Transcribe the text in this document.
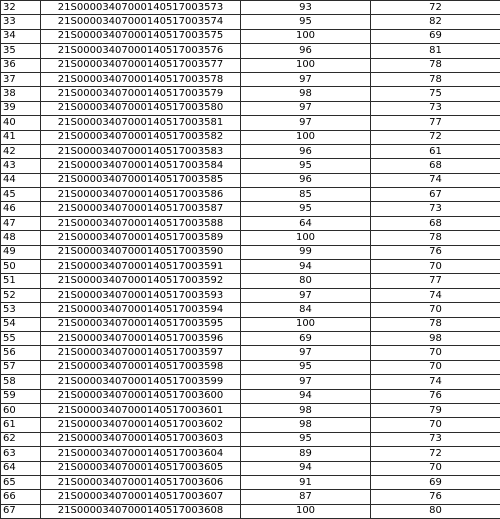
32	21S00003407000140517003573	93	72
33	21S00003407000140517003574	95	82
34	21S00003407000140517003575	100	69
35	21S00003407000140517003576	96	81
36	21S00003407000140517003577	100	78
37	21S00003407000140517003578	97	78
38	21S00003407000140517003579	98	75
39	21S00003407000140517003580	97	73
40	21S00003407000140517003581	97	77
41	21S00003407000140517003582	100	72
42	21S00003407000140517003583	96	61
43	21S00003407000140517003584	95	68
44	21S00003407000140517003585	96	74
45	21S00003407000140517003586	85	67
46	21S00003407000140517003587	95	73
47	21S00003407000140517003588	64	68
48	21S00003407000140517003589	100	78
49	21S00003407000140517003590	99	76
50	21S00003407000140517003591	94	70
51	21S00003407000140517003592	80	77
52	21S00003407000140517003593	97	74
53	21S00003407000140517003594	84	70
54	21S00003407000140517003595	100	78
55	21S00003407000140517003596	69	98
56	21S00003407000140517003597	97	70
57	21S00003407000140517003598	95	70
58	21S00003407000140517003599	97	74
59	21S00003407000140517003600	94	76
60	21S00003407000140517003601	98	79
61	21S00003407000140517003602	98	70
62	21S00003407000140517003603	95	73
63	21S00003407000140517003604	89	72
64	21S00003407000140517003605	94	70
65	21S00003407000140517003606	91	69
66	21S00003407000140517003607	87	76
67	21S00003407000140517003608	100	80
